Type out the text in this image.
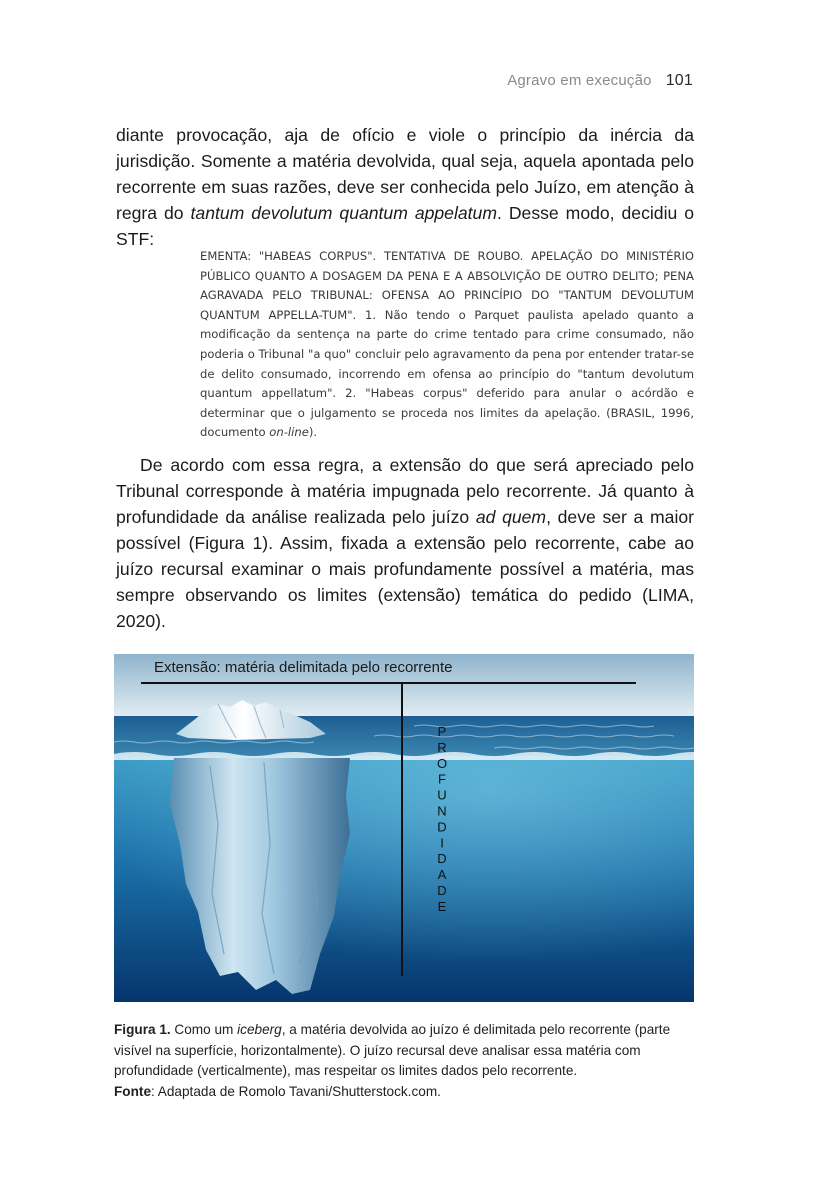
Agravo em execução 101

diante provocação, aja de ofício e viole o princípio da inércia da jurisdição. Somente a matéria devolvida, qual seja, aquela apontada pelo recorrente em suas razões, deve ser conhecida pelo Juízo, em atenção à regra do tantum devolutum quantum appelatum. Desse modo, decidiu o STF:

EMENTA: "HABEAS CORPUS". TENTATIVA DE ROUBO. APELAÇÃO DO MINISTÉRIO PÚBLICO QUANTO A DOSAGEM DA PENA E A ABSOLVIÇÃO DE OUTRO DELITO; PENA AGRAVADA PELO TRIBUNAL: OFENSA AO PRINCÍPIO DO "TANTUM DEVOLUTUM QUANTUM APPELLA-TUM". 1. Não tendo o Parquet paulista apelado quanto a modificação da sentença na parte do crime tentado para crime consumado, não poderia o Tribunal "a quo" concluir pelo agravamento da pena por entender tratar-se de delito consumado, incorrendo em ofensa ao princípio do "tantum devolutum quantum appellatum". 2. "Habeas corpus" deferido para anular o acórdão e determinar que o julgamento se proceda nos limites da apelação. (BRASIL, 1996, documento on-line).

De acordo com essa regra, a extensão do que será apreciado pelo Tribunal corresponde à matéria impugnada pelo recorrente. Já quanto à profundidade da análise realizada pelo juízo ad quem, deve ser a maior possível (Figura 1). Assim, fixada a extensão pelo recorrente, cabe ao juízo recursal examinar o mais profundamente possível a matéria, mas sempre observando os limites (extensão) temática do pedido (LIMA, 2020).

Extensão: matéria delimitada pelo recorrente
P
R
O
F
U
N
D
I
D
A
D
E

Figura 1. Como um iceberg, a matéria devolvida ao juízo é delimitada pelo recorrente (parte visível na superfície, horizontalmente). O juízo recursal deve analisar essa matéria com profundidade (verticalmente), mas respeitar os limites dados pelo recorrente.
Fonte: Adaptada de Romolo Tavani/Shutterstock.com.
